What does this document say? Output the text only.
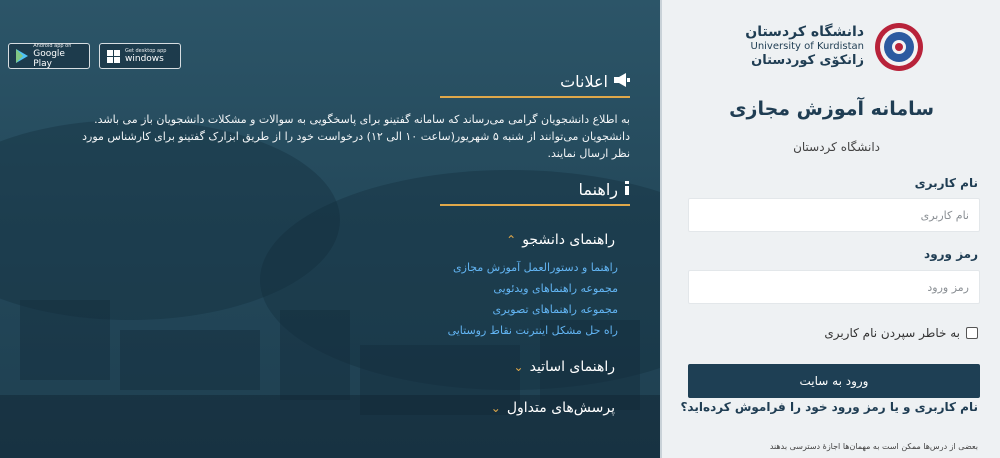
Android app on
Google Play
Get desktop app
windows
اعلانات
به اطلاع دانشجویان گرامی می‌رساند که سامانه گفتینو برای پاسخگویی به سوالات و مشکلات دانشجویان باز می باشد.
دانشجویان می‌توانند از شنبه ۵ شهریور(ساعت ۱۰ الی ۱۲) درخواست خود را از طریق ابزارک گفتینو برای کارشناس مورد
نظر ارسال نمایند.
راهنما
راهنمای دانشجو
⌃
راهنما و دستورالعمل آموزش مجازی
مجموعه راهنماهای ویدئویی
مجموعه راهنماهای تصویری
راه حل مشکل اینترنت نقاط روستایی
راهنمای اساتید
⌄
پرسش‌های متداول
⌄
دانشگاه کردستان
University of Kurdistan
زانکۆی کوردستان
سامانه آموزش مجازی
دانشگاه کردستان
نام کاربری
نام کاربری
رمز ورود
به خاطر سپردن نام کاربری
ورود به سایت
نام کاربری و یا رمز ورود خود را فراموش کرده‌اید؟
بعضی از درس‌ها ممکن است به مهمان‌ها اجازهٔ دسترسی بدهند
